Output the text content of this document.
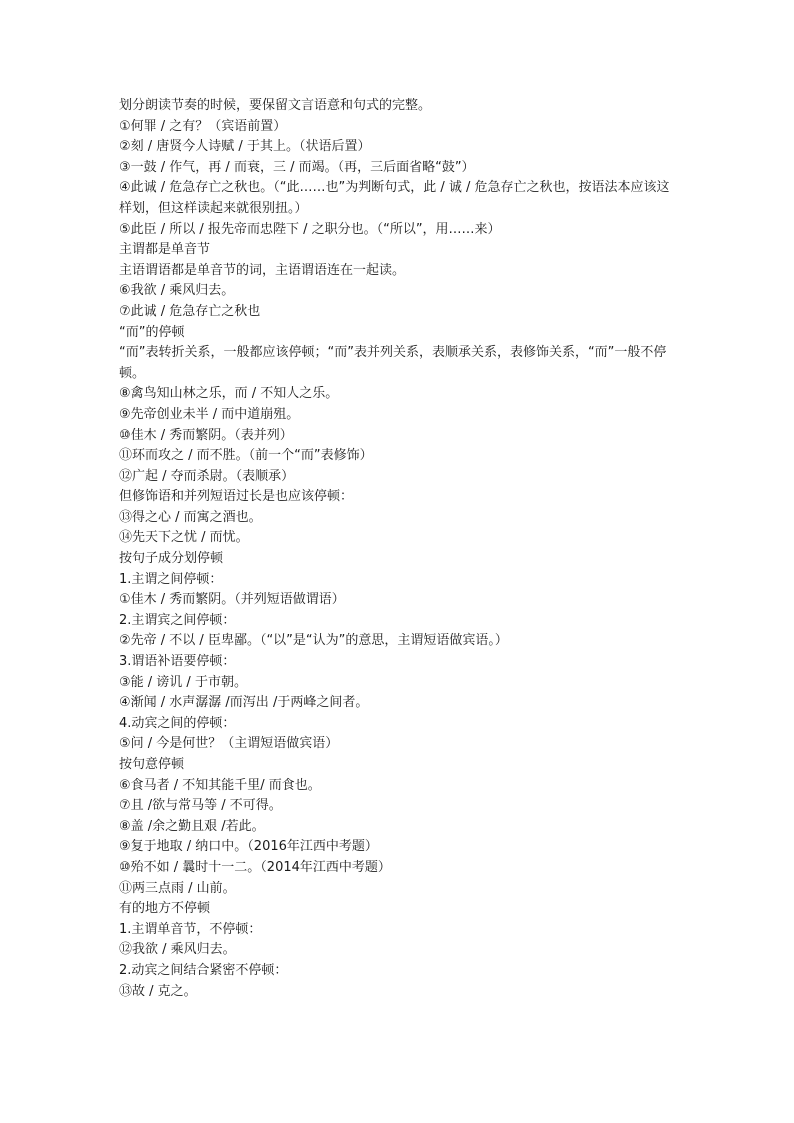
划分朗读节奏的时候，要保留文言语意和句式的完整。
①何罪 / 之有？（宾语前置）
②刻 / 唐贤今人诗赋 / 于其上。（状语后置）
③一鼓 / 作气，再 / 而衰，三 / 而竭。（再，三后面省略“鼓”）
④此诚 / 危急存亡之秋也。（“此……也”为判断句式，此 / 诚 / 危急存亡之秋也，按语法本应该这样划，但这样读起来就很别扭。）
⑤此臣 / 所以 / 报先帝而忠陛下 / 之职分也。（“所以”，用……来）
主谓都是单音节
主语谓语都是单音节的词，主语谓语连在一起读。
⑥我欲 / 乘风归去。
⑦此诚 / 危急存亡之秋也
“而”的停顿
“而”表转折关系，一般都应该停顿；“而”表并列关系，表顺承关系，表修饰关系，“而”一般不停顿。
⑧禽鸟知山林之乐，而 / 不知人之乐。
⑨先帝创业未半 / 而中道崩殂。
⑩佳木 / 秀而繁阴。（表并列）
⑪环而攻之 / 而不胜。（前一个“而”表修饰）
⑫广起 / 夺而杀尉。（表顺承）
但修饰语和并列短语过长是也应该停顿：
⑬得之心 / 而寓之酒也。
⑭先天下之忧 / 而忧。
按句子成分划停顿
1.主谓之间停顿：
①佳木 / 秀而繁阴。（并列短语做谓语）
2.主谓宾之间停顿：
②先帝 / 不以 / 臣卑鄙。（“以”是“认为”的意思，主谓短语做宾语。）
3.谓语补语要停顿：
③能 / 谤讥 / 于市朝。
④渐闻 / 水声潺潺 /而泻出 /于两峰之间者。
4.动宾之间的停顿：
⑤问 / 今是何世？（主谓短语做宾语）
按句意停顿
⑥食马者 / 不知其能千里/ 而食也。
⑦且 /欲与常马等 / 不可得。
⑧盖 /余之勤且艰 /若此。
⑨复于地取 / 纳口中。（2016年江西中考题）
⑩殆不如 / 曩时十一二。（2014年江西中考题）
⑪两三点雨 / 山前。
有的地方不停顿
1.主谓单音节，不停顿：
⑫我欲 / 乘风归去。
2.动宾之间结合紧密不停顿：
⑬故 / 克之。
